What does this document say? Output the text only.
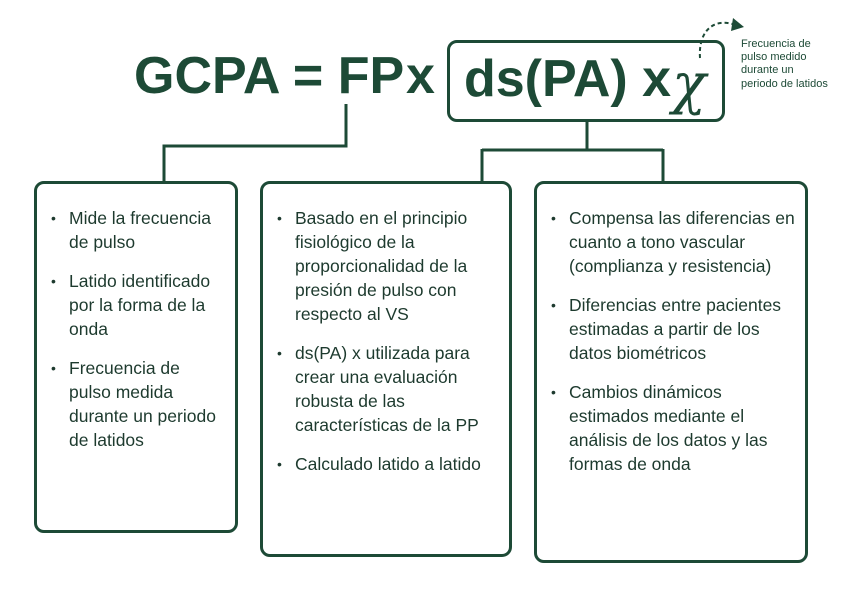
GCPA = FP x ds(PA) x χ
Frecuencia de pulso medido durante un periodo de latidos
• Mide la frecuencia de pulso
• Latido identificado por la forma de la onda
• Frecuencia de pulso medida durante un periodo de latidos
• Basado en el principio fisiológico de la proporcionalidad de la presión de pulso con respecto al VS
• ds(PA) x utilizada para crear una evaluación robusta de las características de la PP
• Calculado latido a latido
• Compensa las diferencias en cuanto a tono vascular (complianza y resistencia)
• Diferencias entre pacientes estimadas a partir de los datos biométricos
• Cambios dinámicos estimados mediante el análisis de los datos y las formas de onda
